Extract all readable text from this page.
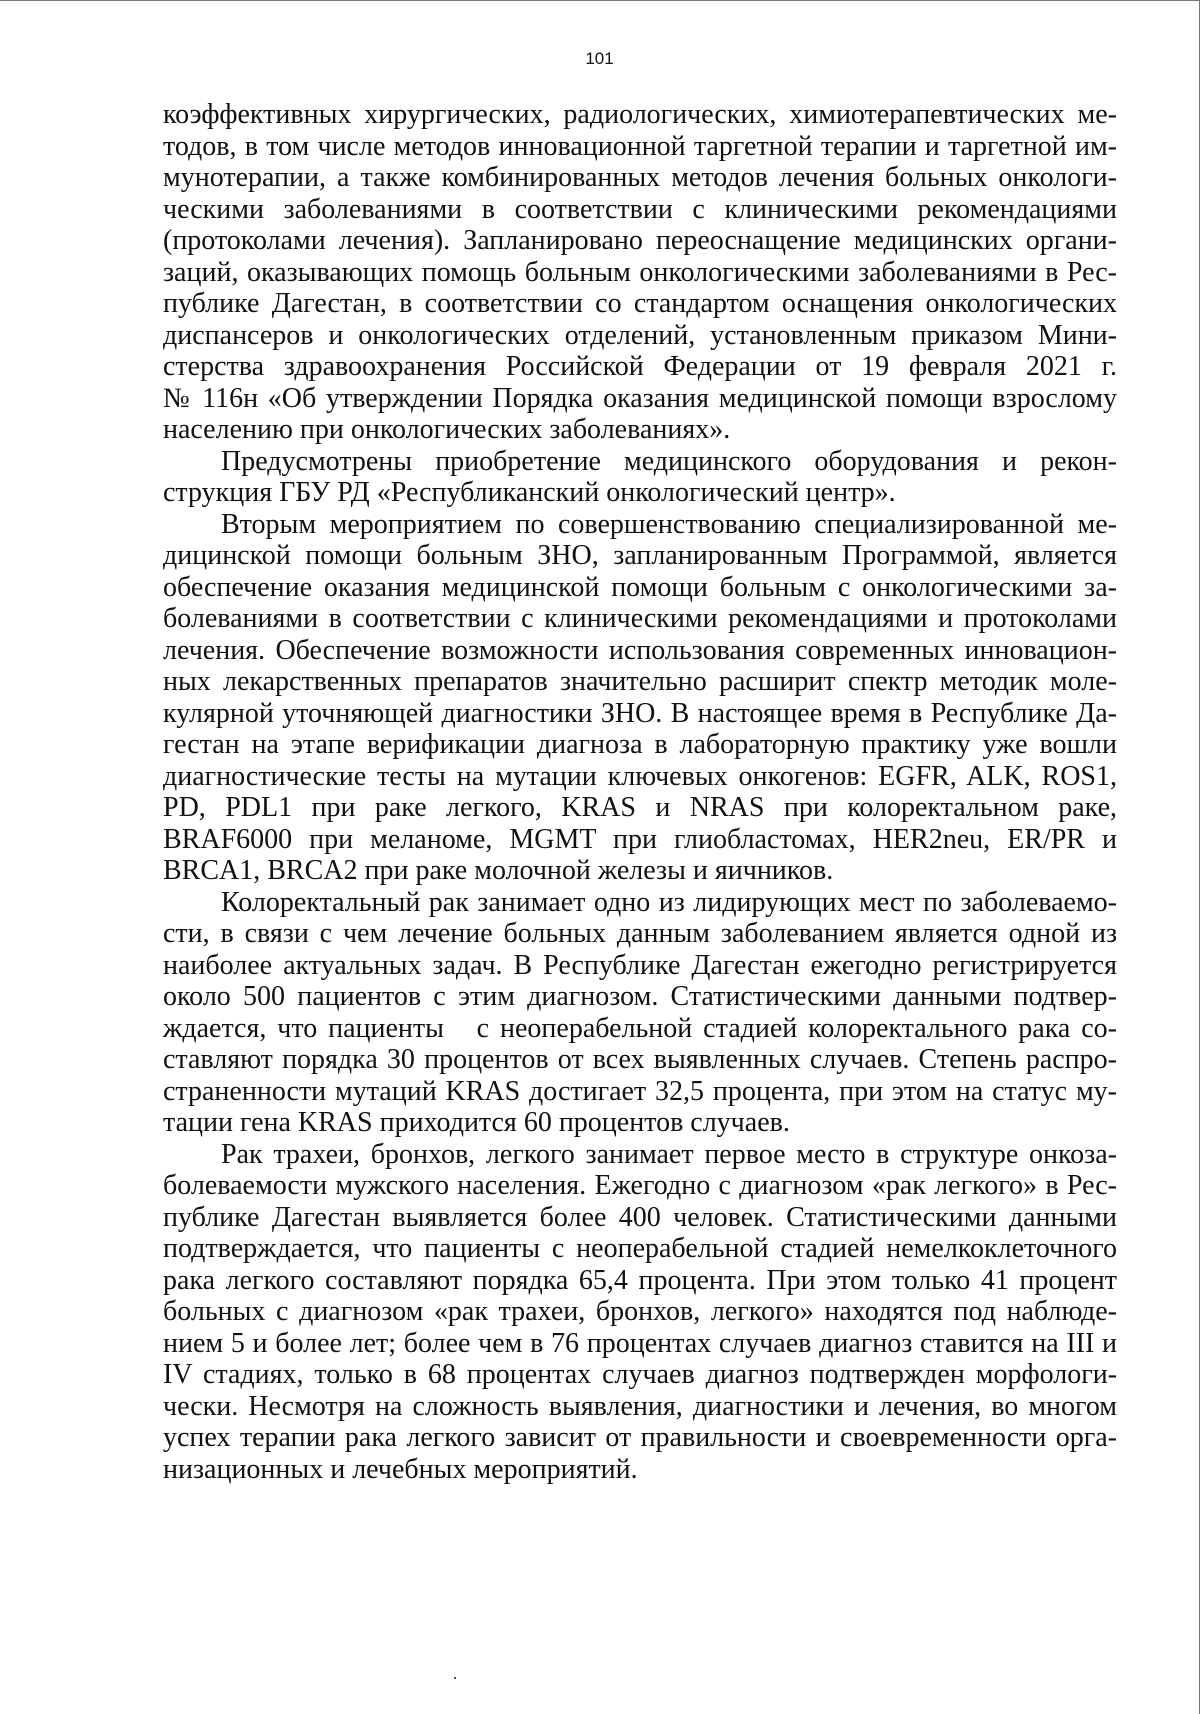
101
коэффективных хирургических, радиологических, химиотерапевтических ме-
тодов, в том числе методов инновационной таргетной терапии и таргетной им-
мунотерапии, а также комбинированных методов лечения больных онкологи-
ческими заболеваниями в соответствии с клиническими рекомендациями
(протоколами лечения). Запланировано переоснащение медицинских органи-
заций, оказывающих помощь больным онкологическими заболеваниями в Рес-
публике Дагестан, в соответствии со стандартом оснащения онкологических
диспансеров и онкологических отделений, установленным приказом Мини-
стерства здравоохранения Российской Федерации от 19 февраля 2021 г.
№ 116н «Об утверждении Порядка оказания медицинской помощи взрослому
населению при онкологических заболеваниях».
Предусмотрены приобретение медицинского оборудования и рекон-
струкция ГБУ РД «Республиканский онкологический центр».
Вторым мероприятием по совершенствованию специализированной ме-
дицинской помощи больным ЗНО, запланированным Программой, является
обеспечение оказания медицинской помощи больным с онкологическими за-
болеваниями в соответствии с клиническими рекомендациями и протоколами
лечения. Обеспечение возможности использования современных инновацион-
ных лекарственных препаратов значительно расширит спектр методик моле-
кулярной уточняющей диагностики ЗНО. В настоящее время в Республике Да-
гестан на этапе верификации диагноза в лабораторную практику уже вошли
диагностические тесты на мутации ключевых онкогенов: EGFR, ALK, ROS1,
PD, PDL1 при раке легкого, KRAS и NRAS при колоректальном раке,
BRAF6000 при меланоме, MGMT при глиобластомах, HER2neu, ER/PR и
BRCA1, BRCA2 при раке молочной железы и яичников.
Колоректальный рак занимает одно из лидирующих мест по заболеваемо-
сти, в связи с чем лечение больных данным заболеванием является одной из
наиболее актуальных задач. В Республике Дагестан ежегодно регистрируется
около 500 пациентов с этим диагнозом. Статистическими данными подтвер-
ждается, что пациенты   с неоперабельной стадией колоректального рака со-
ставляют порядка 30 процентов от всех выявленных случаев. Степень распро-
страненности мутаций KRAS достигает 32,5 процента, при этом на статус му-
тации гена KRAS приходится 60 процентов случаев.
Рак трахеи, бронхов, легкого занимает первое место в структуре онкоза-
болеваемости мужского населения. Ежегодно с диагнозом «рак легкого» в Рес-
публике Дагестан выявляется более 400 человек. Статистическими данными
подтверждается, что пациенты с неоперабельной стадией немелкоклеточного
рака легкого составляют порядка 65,4 процента. При этом только 41 процент
больных с диагнозом «рак трахеи, бронхов, легкого» находятся под наблюде-
нием 5 и более лет; более чем в 76 процентах случаев диагноз ставится на III и
IV стадиях, только в 68 процентах случаев диагноз подтвержден морфологи-
чески. Несмотря на сложность выявления, диагностики и лечения, во многом
успех терапии рака легкого зависит от правильности и своевременности орга-
низационных и лечебных мероприятий.
